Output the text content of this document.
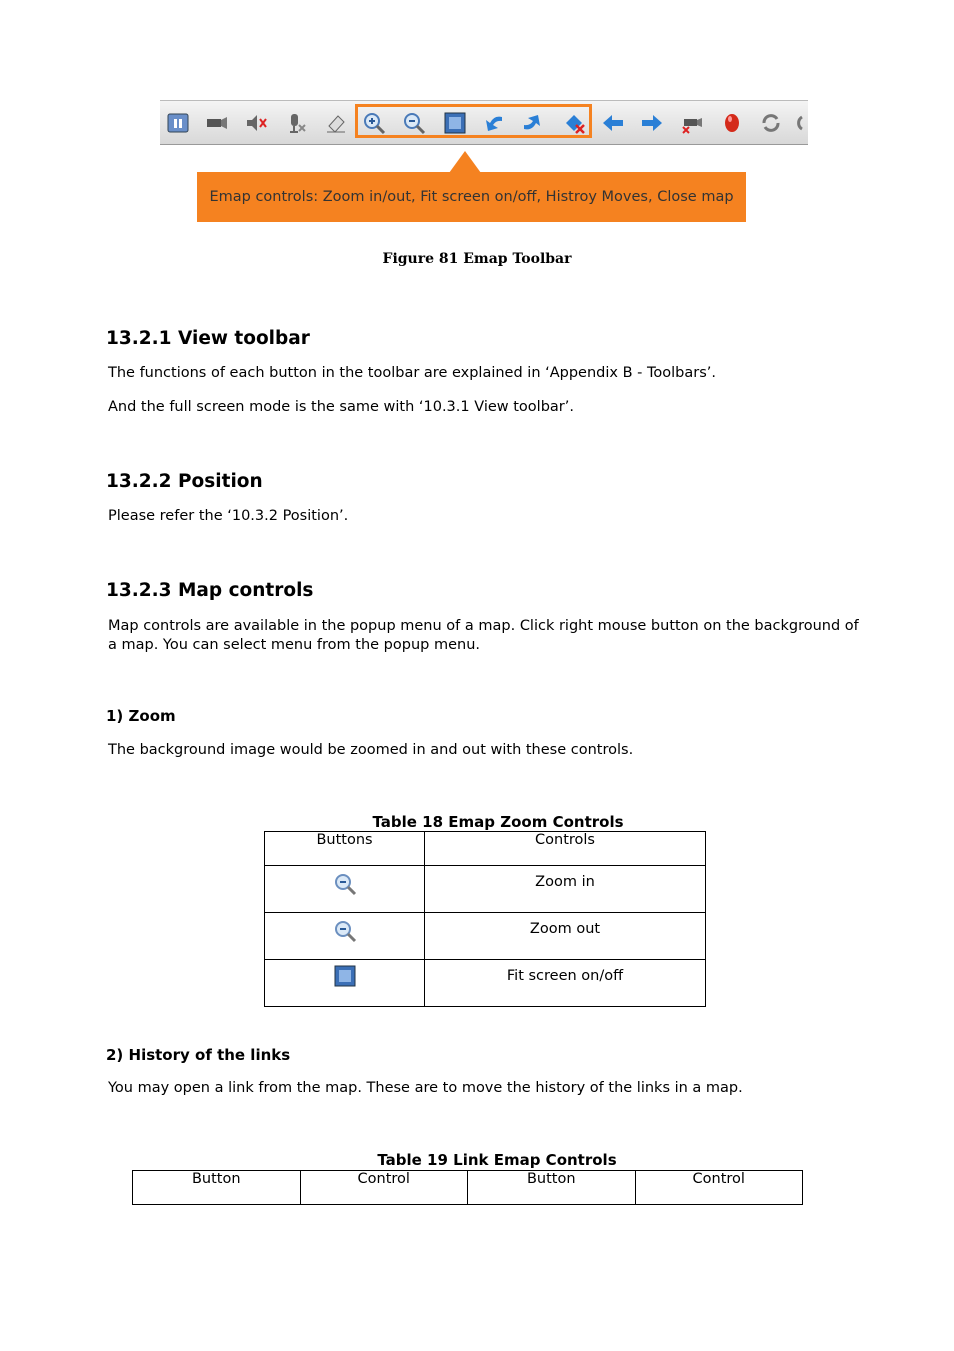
Emap controls: Zoom in/out, Fit screen on/off, Histroy Moves, Close map
Figure 81 Emap Toolbar
13.2.1 View toolbar

The functions of each button in the toolbar are explained in ‘Appendix B - Toolbars’.

And the full screen mode is the same with ‘10.3.1 View toolbar’.

13.2.2 Position

Please refer the ‘10.3.2 Position’.

13.2.3 Map controls

Map controls are available in the popup menu of a map. Click right mouse button on the background of a map. You can select menu from the popup menu.

1) Zoom

The background image would be zoomed in and out with these controls.

Table 18 Emap Zoom Controls
Buttons	Controls
	Zoom in
	Zoom out
	Fit screen on/off
2) History of the links

You may open a link from the map. These are to move the history of the links in a map.

Table 19 Link Emap Controls
Button	Control	Button	Control
